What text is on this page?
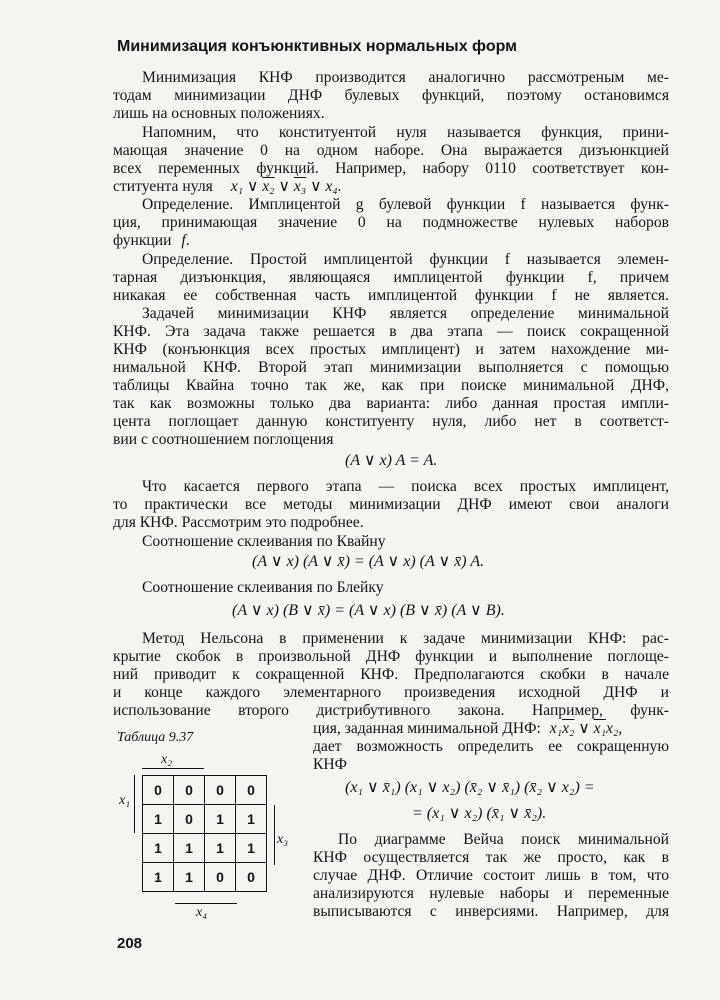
Минимизация конъюнктивных нормальных форм
Минимизация КНФ производится аналогично рассмотреным ме-
тодам минимизации ДНФ булевых функций, поэтому остановимся
лишь на основных положениях.
Напомним, что конституентой нуля называется функция, прини-
мающая значение 0 на одном наборе. Она выражается дизъюнкцией
всех переменных функций. Например, набору 0110 соответствует кон-
ституента нуля x₁ ∨ x₂ ∨ x₃ ∨ x₄.
Определение. Имплицентой g булевой функции f называется функ-
ция, принимающая значение 0 на подмножестве нулевых наборов
функции f.
Определение. Простой имплицентой функции f называется элемен-
тарная дизъюнкция, являющаяся имплицентой функции f, причем
никакая ее собственная часть имплицентой функции f не является.
Задачей минимизации КНФ является определение минимальной
КНФ. Эта задача также решается в два этапа — поиск сокращенной
КНФ (конъюнкция всех простых имплицент) и затем нахождение ми-
нимальной КНФ. Второй этап минимизации выполняется с помощью
таблицы Квайна точно так же, как при поиске минимальной ДНФ,
так как возможны только два варианта: либо данная простая импли-
цента поглощает данную конституенту нуля, либо нет в соответст-
вии с соотношением поглощения
(A ∨ x) A = A.
Что касается первого этапа — поиска всех простых имплицент,
то практически все методы минимизации ДНФ имеют свои аналоги
для КНФ. Рассмотрим это подробнее.
Соотношение склеивания по Квайну
(A ∨ x) (A ∨ x̄) = (A ∨ x) (A ∨ x̄) A.
Соотношение склеивания по Блейку
(A ∨ x) (B ∨ x̄) = (A ∨ x) (B ∨ x̄) (A ∨ B).
Метод Нельсона в применении к задаче минимизации КНФ: рас-
крытие скобок в произвольной ДНФ функции и выполнение поглоще-
ний приводит к сокращенной КНФ. Предполагаются скобки в начале
и конце каждого элементарного произведения исходной ДНФ и
использование второго дистрибутивного закона. Например, функ-
ция, заданная минимальной ДНФ: x₁x₂ ∨ x₁x₂,
дает возможность определить ее сокращенную
КНФ
(x₁ ∨ x̄₁) (x₁ ∨ x₂) (x̄₂ ∨ x̄₁) (x̄₂ ∨ x₂) =
= (x₁ ∨ x₂) (x̄₁ ∨ x̄₂).
По диаграмме Вейча поиск минимальной
КНФ осуществляется так же просто, как в
случае ДНФ. Отличие состоит лишь в том, что
анализируются нулевые наборы и переменные
выписываются с инверсиями. Например, для
Таблица 9.37
x₂
x₁
0	0	0	0
1	0	1	1
1	1	1	1
1	1	0	0
x₃
x₄
208
